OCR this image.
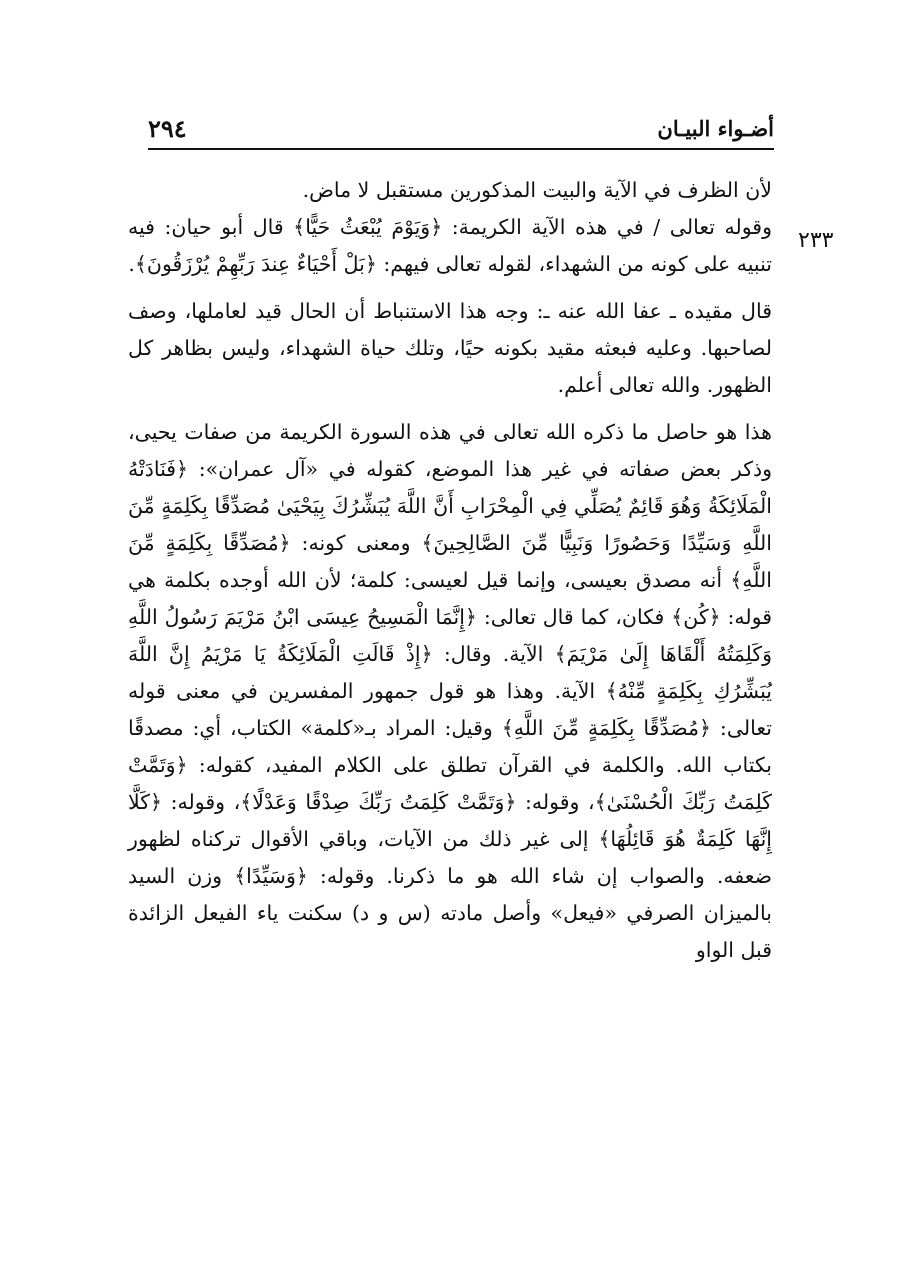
٢٩٤	أضـواء البيـان
٢٣٣

لأن الظرف في الآية والبيت المذكورين مستقبل لا ماض.

وقوله تعالى / في هذه الآية الكريمة: ﴿وَيَوْمَ يُبْعَثُ حَيًّا﴾ قال أبو حيان: فيه تنبيه على كونه من الشهداء، لقوله تعالى فيهم: ﴿بَلْ أَحْيَاءٌ عِندَ رَبِّهِمْ يُرْزَقُونَ﴾.

قال مقيده ـ عفا الله عنه ـ: وجه هذا الاستنباط أن الحال قيد لعاملها، وصف لصاحبها. وعليه فبعثه مقيد بكونه حيًا، وتلك حياة الشهداء، وليس بظاهر كل الظهور. والله تعالى أعلم.

هذا هو حاصل ما ذكره الله تعالى في هذه السورة الكريمة من صفات يحيى، وذكر بعض صفاته في غير هذا الموضع، كقوله في «آل عمران»: ﴿فَنَادَتْهُ الْمَلَائِكَةُ وَهُوَ قَائِمٌ يُصَلِّي فِي الْمِحْرَابِ أَنَّ اللَّهَ يُبَشِّرُكَ بِيَحْيَىٰ مُصَدِّقًا بِكَلِمَةٍ مِّنَ اللَّهِ وَسَيِّدًا وَحَصُورًا وَنَبِيًّا مِّنَ الصَّالِحِينَ﴾ ومعنى كونه: ﴿مُصَدِّقًا بِكَلِمَةٍ مِّنَ اللَّهِ﴾ أنه مصدق بعيسى، وإنما قيل لعيسى: كلمة؛ لأن الله أوجده بكلمة هي قوله: ﴿كُن﴾ فكان، كما قال تعالى: ﴿إِنَّمَا الْمَسِيحُ عِيسَى ابْنُ مَرْيَمَ رَسُولُ اللَّهِ وَكَلِمَتُهُ أَلْقَاهَا إِلَىٰ مَرْيَمَ﴾ الآية. وقال: ﴿إِذْ قَالَتِ الْمَلَائِكَةُ يَا مَرْيَمُ إِنَّ اللَّهَ يُبَشِّرُكِ بِكَلِمَةٍ مِّنْهُ﴾ الآية. وهذا هو قول جمهور المفسرين في معنى قوله تعالى: ﴿مُصَدِّقًا بِكَلِمَةٍ مِّنَ اللَّهِ﴾ وقيل: المراد بـ«كلمة» الكتاب، أي: مصدقًا بكتاب الله. والكلمة في القرآن تطلق على الكلام المفيد، كقوله: ﴿وَتَمَّتْ كَلِمَتُ رَبِّكَ الْحُسْنَىٰ﴾، وقوله: ﴿وَتَمَّتْ كَلِمَتُ رَبِّكَ صِدْقًا وَعَدْلًا﴾، وقوله: ﴿كَلَّا إِنَّهَا كَلِمَةٌ هُوَ قَائِلُهَا﴾ إلى غير ذلك من الآيات، وباقي الأقوال تركناه لظهور ضعفه. والصواب إن شاء الله هو ما ذكرنا. وقوله: ﴿وَسَيِّدًا﴾ وزن السيد بالميزان الصرفي «فيعل» وأصل مادته (س و د) سكنت ياء الفيعل الزائدة قبل الواو
